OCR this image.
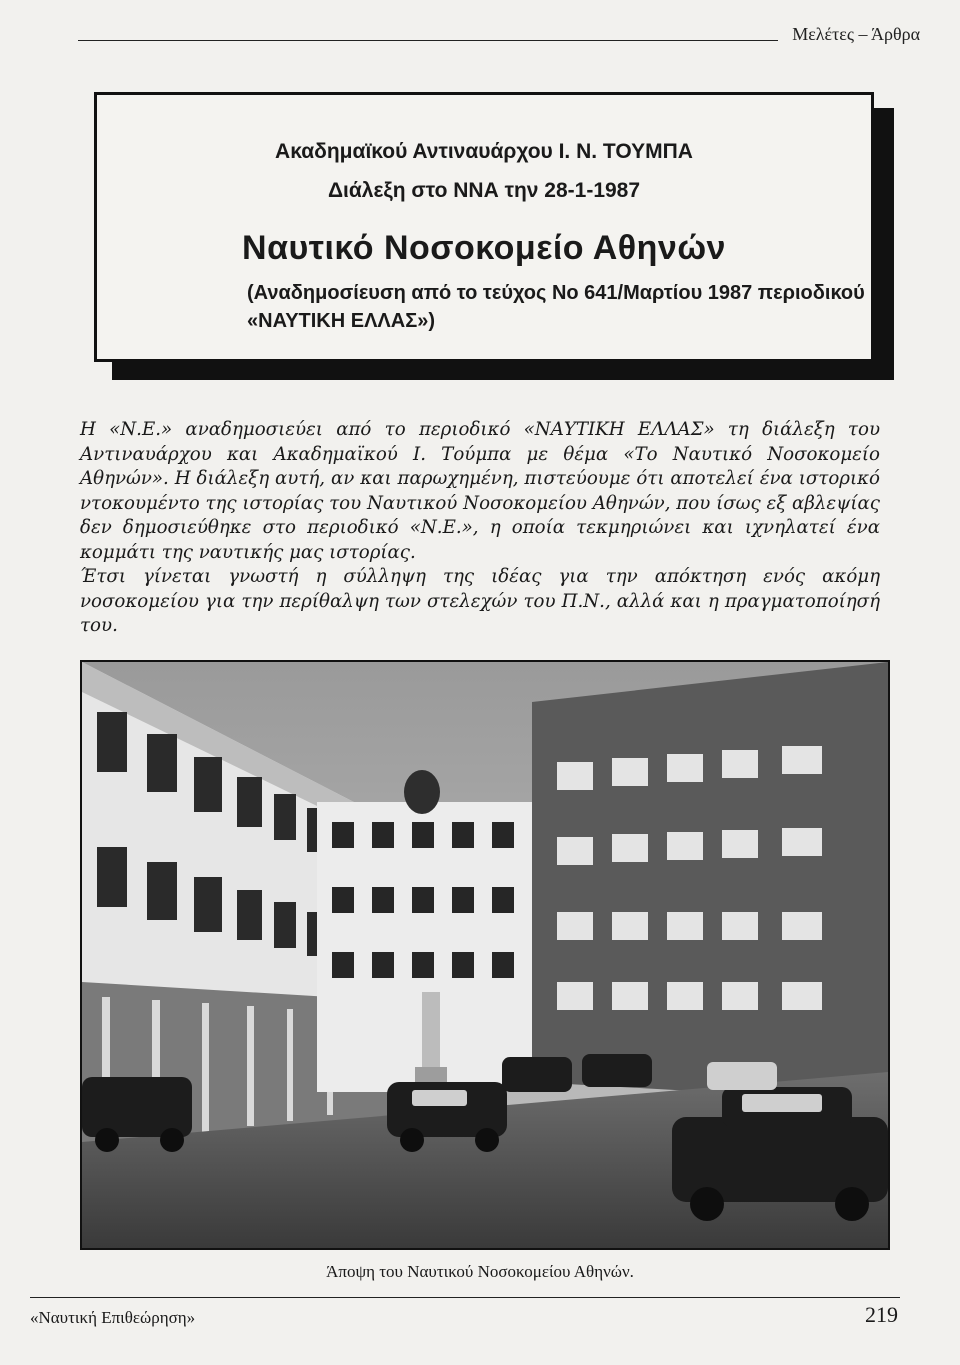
Μελέτες – Άρθρα
Ακαδημαϊκού Αντιναυάρχου Ι. Ν. ΤΟΥΜΠΑ
Διάλεξη στο ΝΝΑ την 28-1-1987
Ναυτικό Νοσοκομείο Αθηνών
(Αναδημοσίευση από το τεύχος Νο 641/Μαρτίου 1987 περιοδικού
«ΝΑΥΤΙΚΗ ΕΛΛΑΣ»)

Η «Ν.Ε.» αναδημοσιεύει από το περιοδικό «ΝΑΥΤΙΚΗ ΕΛΛΑΣ» τη διάλεξη του Αντιναυάρχου και Ακαδημαϊκού Ι. Τούμπα με θέμα «Το Ναυτικό Νοσοκομείο Αθηνών». Η διάλεξη αυτή, αν και παρωχημένη, πιστεύουμε ότι αποτελεί ένα ιστορικό ντοκουμέντο της ιστορίας του Ναυτικού Νοσοκομείου Αθηνών, που ίσως εξ αβλεψίας δεν δημοσιεύθηκε στο περιοδικό «Ν.Ε.», η οποία τεκμηριώνει και ιχνηλατεί ένα κομμάτι της ναυτικής μας ιστορίας.

Έτσι γίνεται γνωστή η σύλληψη της ιδέας για την απόκτηση ενός ακόμη νοσοκομείου για την περίθαλψη των στελεχών του Π.Ν., αλλά και η πραγματοποίησή του.

Άποψη του Ναυτικού Νοσοκομείου Αθηνών.
«Ναυτική Επιθεώρηση»	219
